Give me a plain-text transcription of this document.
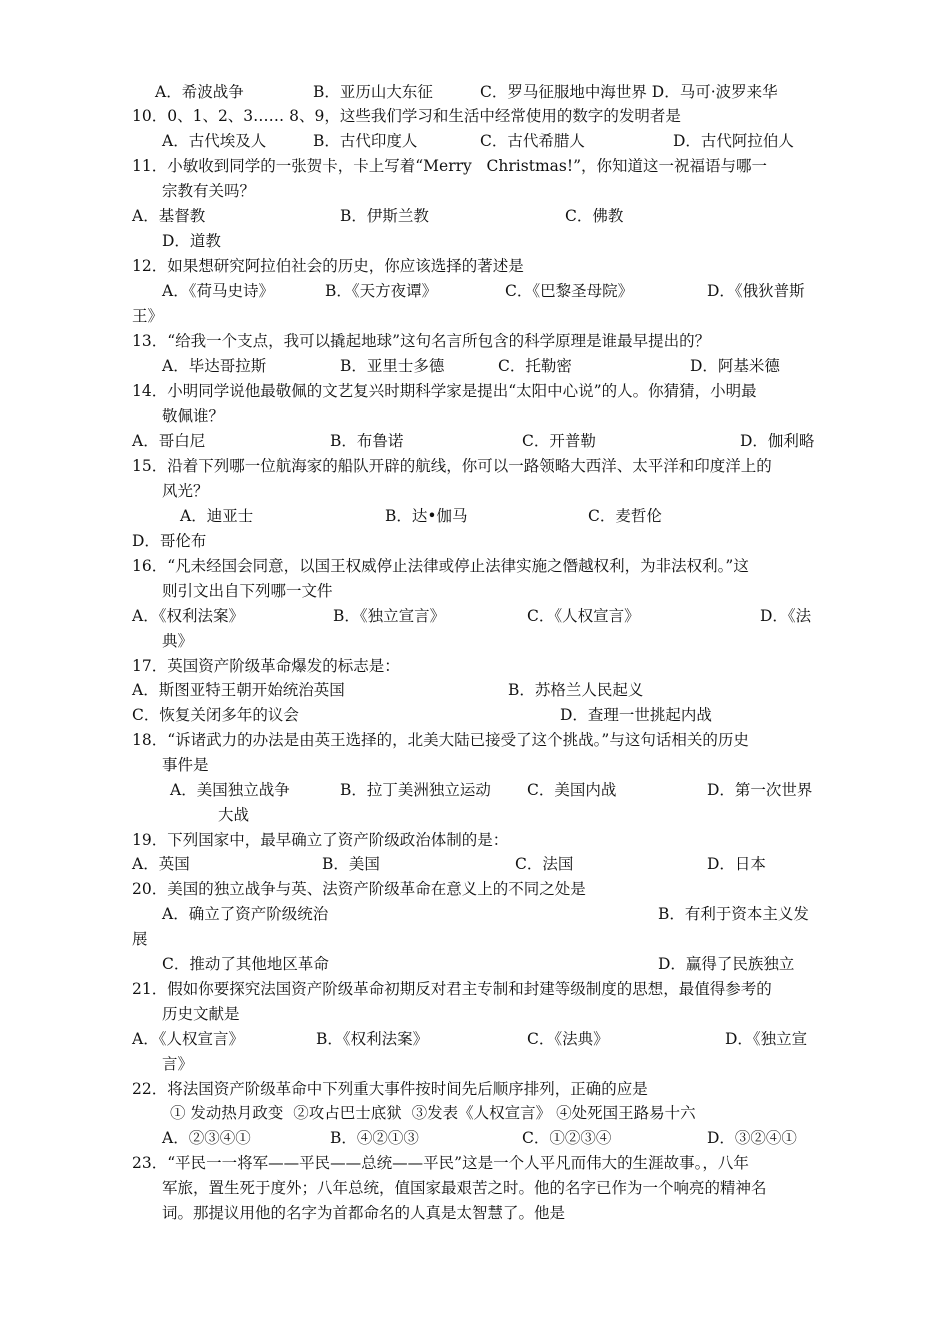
A．希波战争	B．亚历山大东征	C．罗马征服地中海世界 D．马可·波罗来华
10．0、1、2、3…… 8、9，这些我们学习和生活中经常使用的数字的发明者是
A．古代埃及人	B．古代印度人	C．古代希腊人	D．古代阿拉伯人
11．小敏收到同学的一张贺卡，卡上写着“Merry   Christmas!”，你知道这一祝福语与哪一
宗教有关吗？
A．基督教	B．伊斯兰教	C．佛教
D．道教
12．如果想研究阿拉伯社会的历史，你应该选择的著述是
A．《荷马史诗》	B．《天方夜谭》	C．《巴黎圣母院》	D．《俄狄普斯
王》
13．“给我一个支点，我可以撬起地球”这句名言所包含的科学原理是谁最早提出的？
A．毕达哥拉斯	B．亚里士多德	C．托勒密	D．阿基米德
14．小明同学说他最敬佩的文艺复兴时期科学家是提出“太阳中心说”的人。你猜猜，小明最
敬佩谁？
A．哥白尼	B．布鲁诺	C．开普勒	D．伽利略
15．沿着下列哪一位航海家的船队开辟的航线，你可以一路领略大西洋、太平洋和印度洋上的
风光？
A．迪亚士	B．达•伽马	C．麦哲伦
D．哥伦布
16．“凡未经国会同意，以国王权威停止法律或停止法律实施之僭越权利，为非法权利。”这
则引文出自下列哪一文件
A．《权利法案》	B．《独立宣言》	C．《人权宣言》	D．《法
典》
17．英国资产阶级革命爆发的标志是：
A．斯图亚特王朝开始统治英国	B．苏格兰人民起义
C．恢复关闭多年的议会	D．查理一世挑起内战
18．“诉诸武力的办法是由英王选择的，北美大陆已接受了这个挑战。”与这句话相关的历史
事件是
A．美国独立战争	B．拉丁美洲独立运动 C．美国内战	D．第一次世界
大战
19．下列国家中，最早确立了资产阶级政治体制的是：
A．英国	B．美国	C．法国	D．日本
20．美国的独立战争与英、法资产阶级革命在意义上的不同之处是
A．确立了资产阶级统治	B．有利于资本主义发
展
C．推动了其他地区革命	D．赢得了民族独立
21．假如你要探究法国资产阶级革命初期反对君主专制和封建等级制度的思想，最值得参考的
历史文献是
A．《人权宣言》	B．《权利法案》	C．《法典》	D．《独立宣
言》
22．将法国资产阶级革命中下列重大事件按时间先后顺序排列，正确的应是
① 发动热月政变  ②攻占巴士底狱  ③发表《人权宣言》 ④处死国王路易十六
A．②③④①	B．④②①③	C．①②③④	D．③②④①
23．“平民一一将军——平民——总统——平民”这是一个人平凡而伟大的生涯故事。，八年
军旅，置生死于度外；八年总统，值国家最艰苦之时。他的名字已作为一个响亮的精神名
词。那提议用他的名字为首都命名的人真是太智慧了。他是
